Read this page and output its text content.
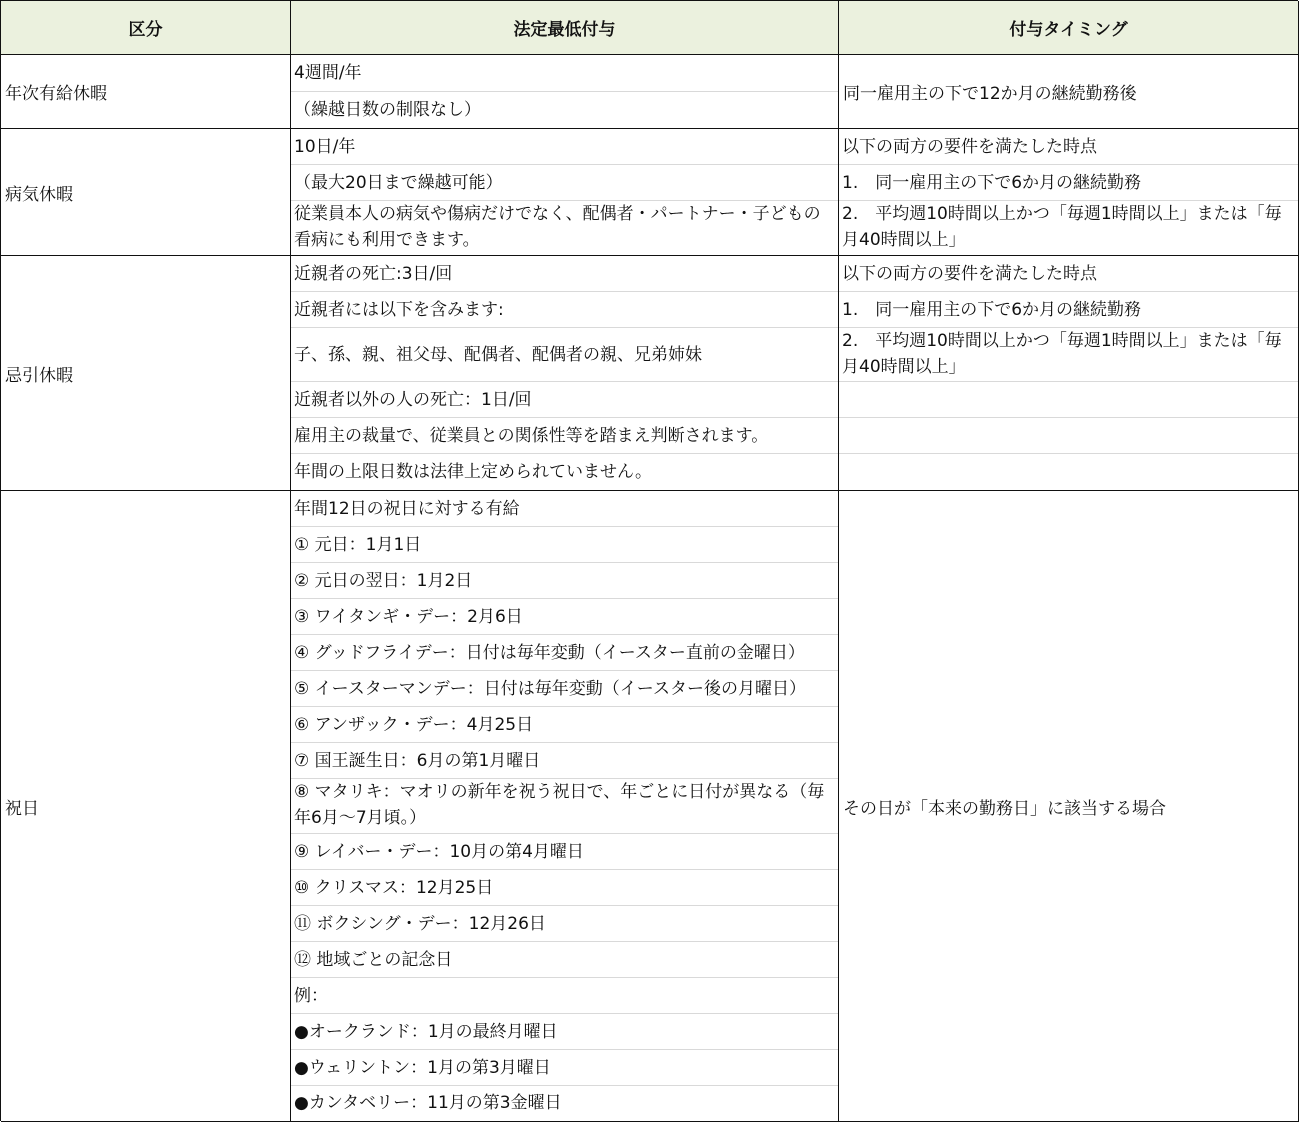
区分	法定最低付与	付与タイミング
年次有給休暇
4週間/年
（繰越日数の制限なし）
同一雇用主の下で12か月の継続勤務後
病気休暇
10日/年
（最大20日まで繰越可能）
従業員本人の病気や傷病だけでなく、配偶者・パートナー・子どもの看病にも利用できます。
以下の両方の要件を満たした時点
1.　同一雇用主の下で6か月の継続勤務
2.　平均週10時間以上かつ「毎週1時間以上」または「毎月40時間以上」
忌引休暇
近親者の死亡:3日/回
近親者には以下を含みます:
子、孫、親、祖父母、配偶者、配偶者の親、兄弟姉妹
近親者以外の人の死亡：1日/回
雇用主の裁量で、従業員との関係性等を踏まえ判断されます。
年間の上限日数は法律上定められていません。
以下の両方の要件を満たした時点
1.　同一雇用主の下で6か月の継続勤務
2.　平均週10時間以上かつ「毎週1時間以上」または「毎月40時間以上」
祝日
年間12日の祝日に対する有給
① 元日：1月1日
② 元日の翌日：1月2日
③ ワイタンギ・デー：2月6日
④ グッドフライデー：日付は毎年変動（イースター直前の金曜日）
⑤ イースターマンデー：日付は毎年変動（イースター後の月曜日）
⑥ アンザック・デー：4月25日
⑦ 国王誕生日：6月の第1月曜日
⑧ マタリキ：マオリの新年を祝う祝日で、年ごとに日付が異なる（毎年6月～7月頃。）
⑨ レイバー・デー：10月の第4月曜日
⑩ クリスマス：12月25日
⑪ ボクシング・デー：12月26日
⑫ 地域ごとの記念日
例：
●オークランド：1月の最終月曜日
●ウェリントン：1月の第3月曜日
●カンタベリー：11月の第3金曜日
その日が「本来の勤務日」に該当する場合
